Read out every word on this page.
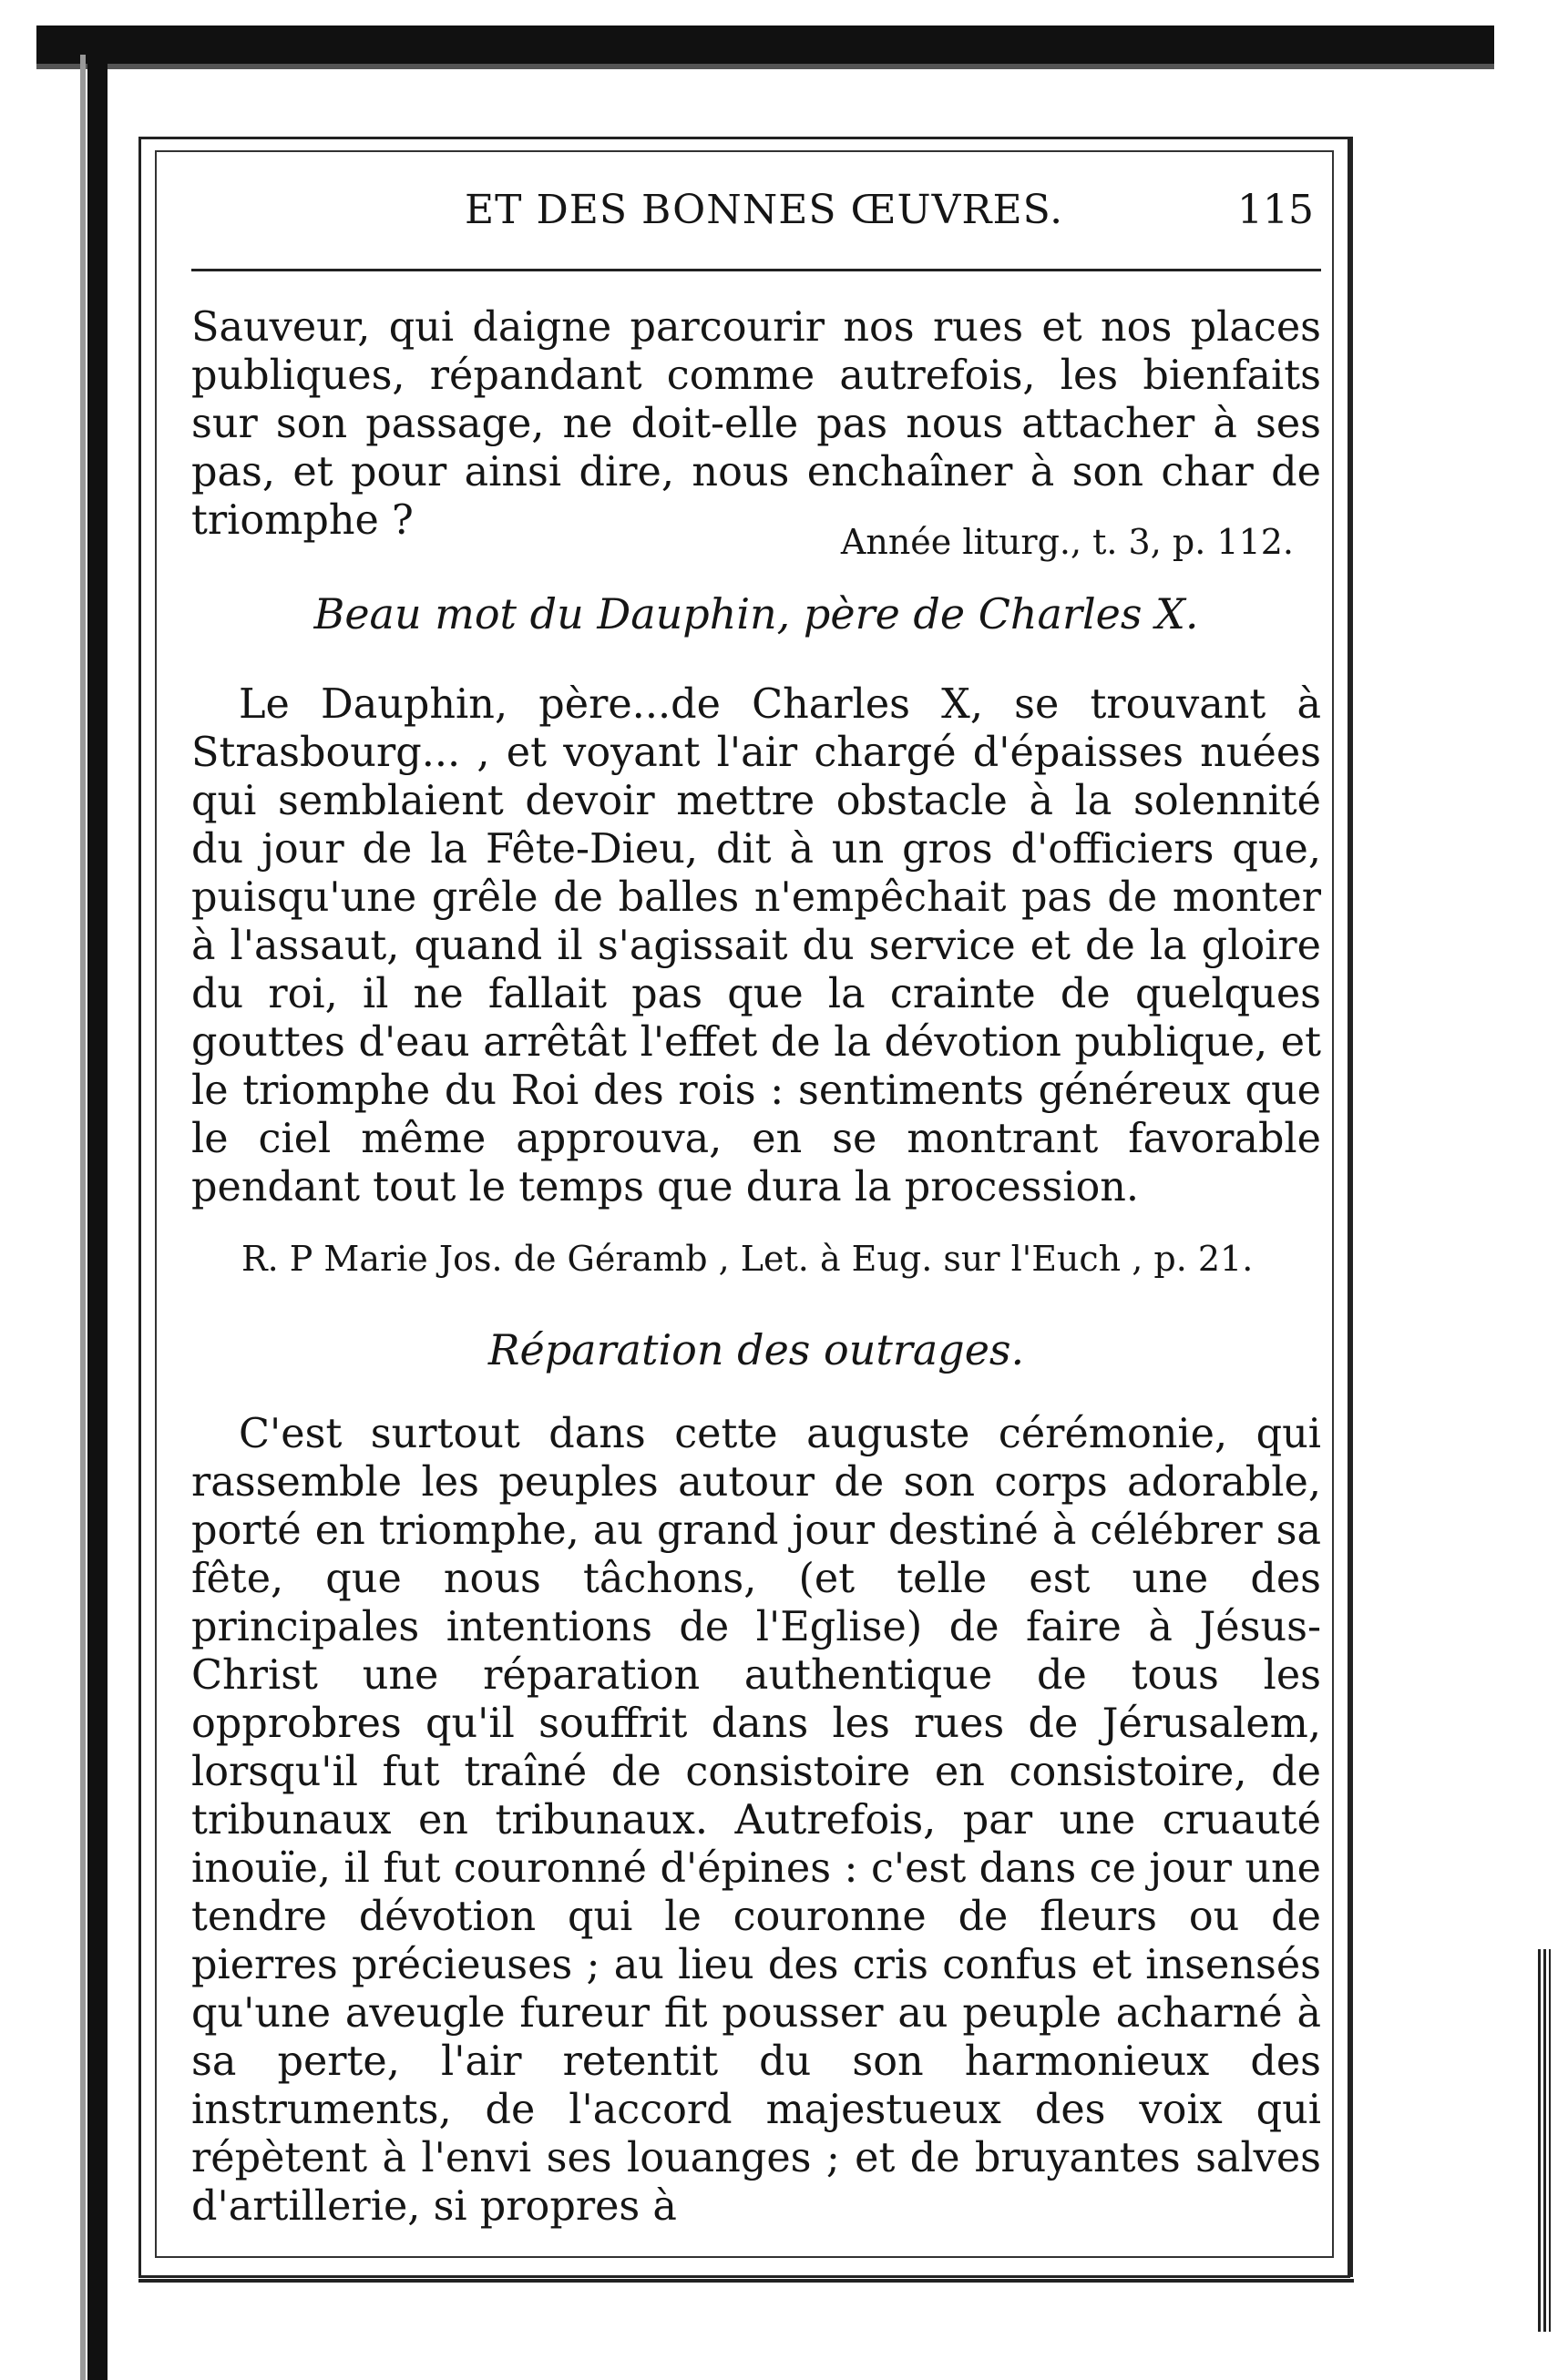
ET DES BONNES ŒUVRES.	115

Sauveur, qui daigne parcourir nos rues et nos places publiques, répandant comme autrefois, les bienfaits sur son passage, ne doit-elle pas nous attacher à ses pas, et pour ainsi dire, nous enchaîner à son char de triomphe ?	Année liturg., t. 3, p. 112.
Beau mot du Dauphin, père de Charles X.

Le Dauphin, père...de Charles X, se trouvant à Strasbourg... , et voyant l'air chargé d'épaisses nuées qui semblaient devoir mettre obstacle à la solennité du jour de la Fête-Dieu, dit à un gros d'officiers que, puisqu'une grêle de balles n'empêchait pas de monter à l'assaut, quand il s'agissait du service et de la gloire du roi, il ne fallait pas que la crainte de quelques gouttes d'eau arrêtât l'effet de la dévotion publique, et le triomphe du Roi des rois : sentiments généreux que le ciel même approuva, en se montrant favorable pendant tout le temps que dura la procession.

R. P Marie Jos. de Géramb , Let. à Eug. sur l'Euch , p. 21.
Réparation des outrages.

C'est surtout dans cette auguste cérémonie, qui rassemble les peuples autour de son corps adorable, porté en triomphe, au grand jour destiné à célébrer sa fête, que nous tâchons, (et telle est une des principales intentions de l'Eglise) de faire à Jésus-Christ une réparation authentique de tous les opprobres qu'il souffrit dans les rues de Jérusalem, lorsqu'il fut traîné de consistoire en consistoire, de tribunaux en tribunaux. Autrefois, par une cruauté inouïe, il fut couronné d'épines : c'est dans ce jour une tendre dévotion qui le couronne de fleurs ou de pierres précieuses ; au lieu des cris confus et insensés qu'une aveugle fureur fit pousser au peuple acharné à sa perte, l'air retentit du son harmonieux des instruments, de l'accord majestueux des voix qui répètent à l'envi ses louanges ; et de bruyantes salves d'artillerie, si propres à
